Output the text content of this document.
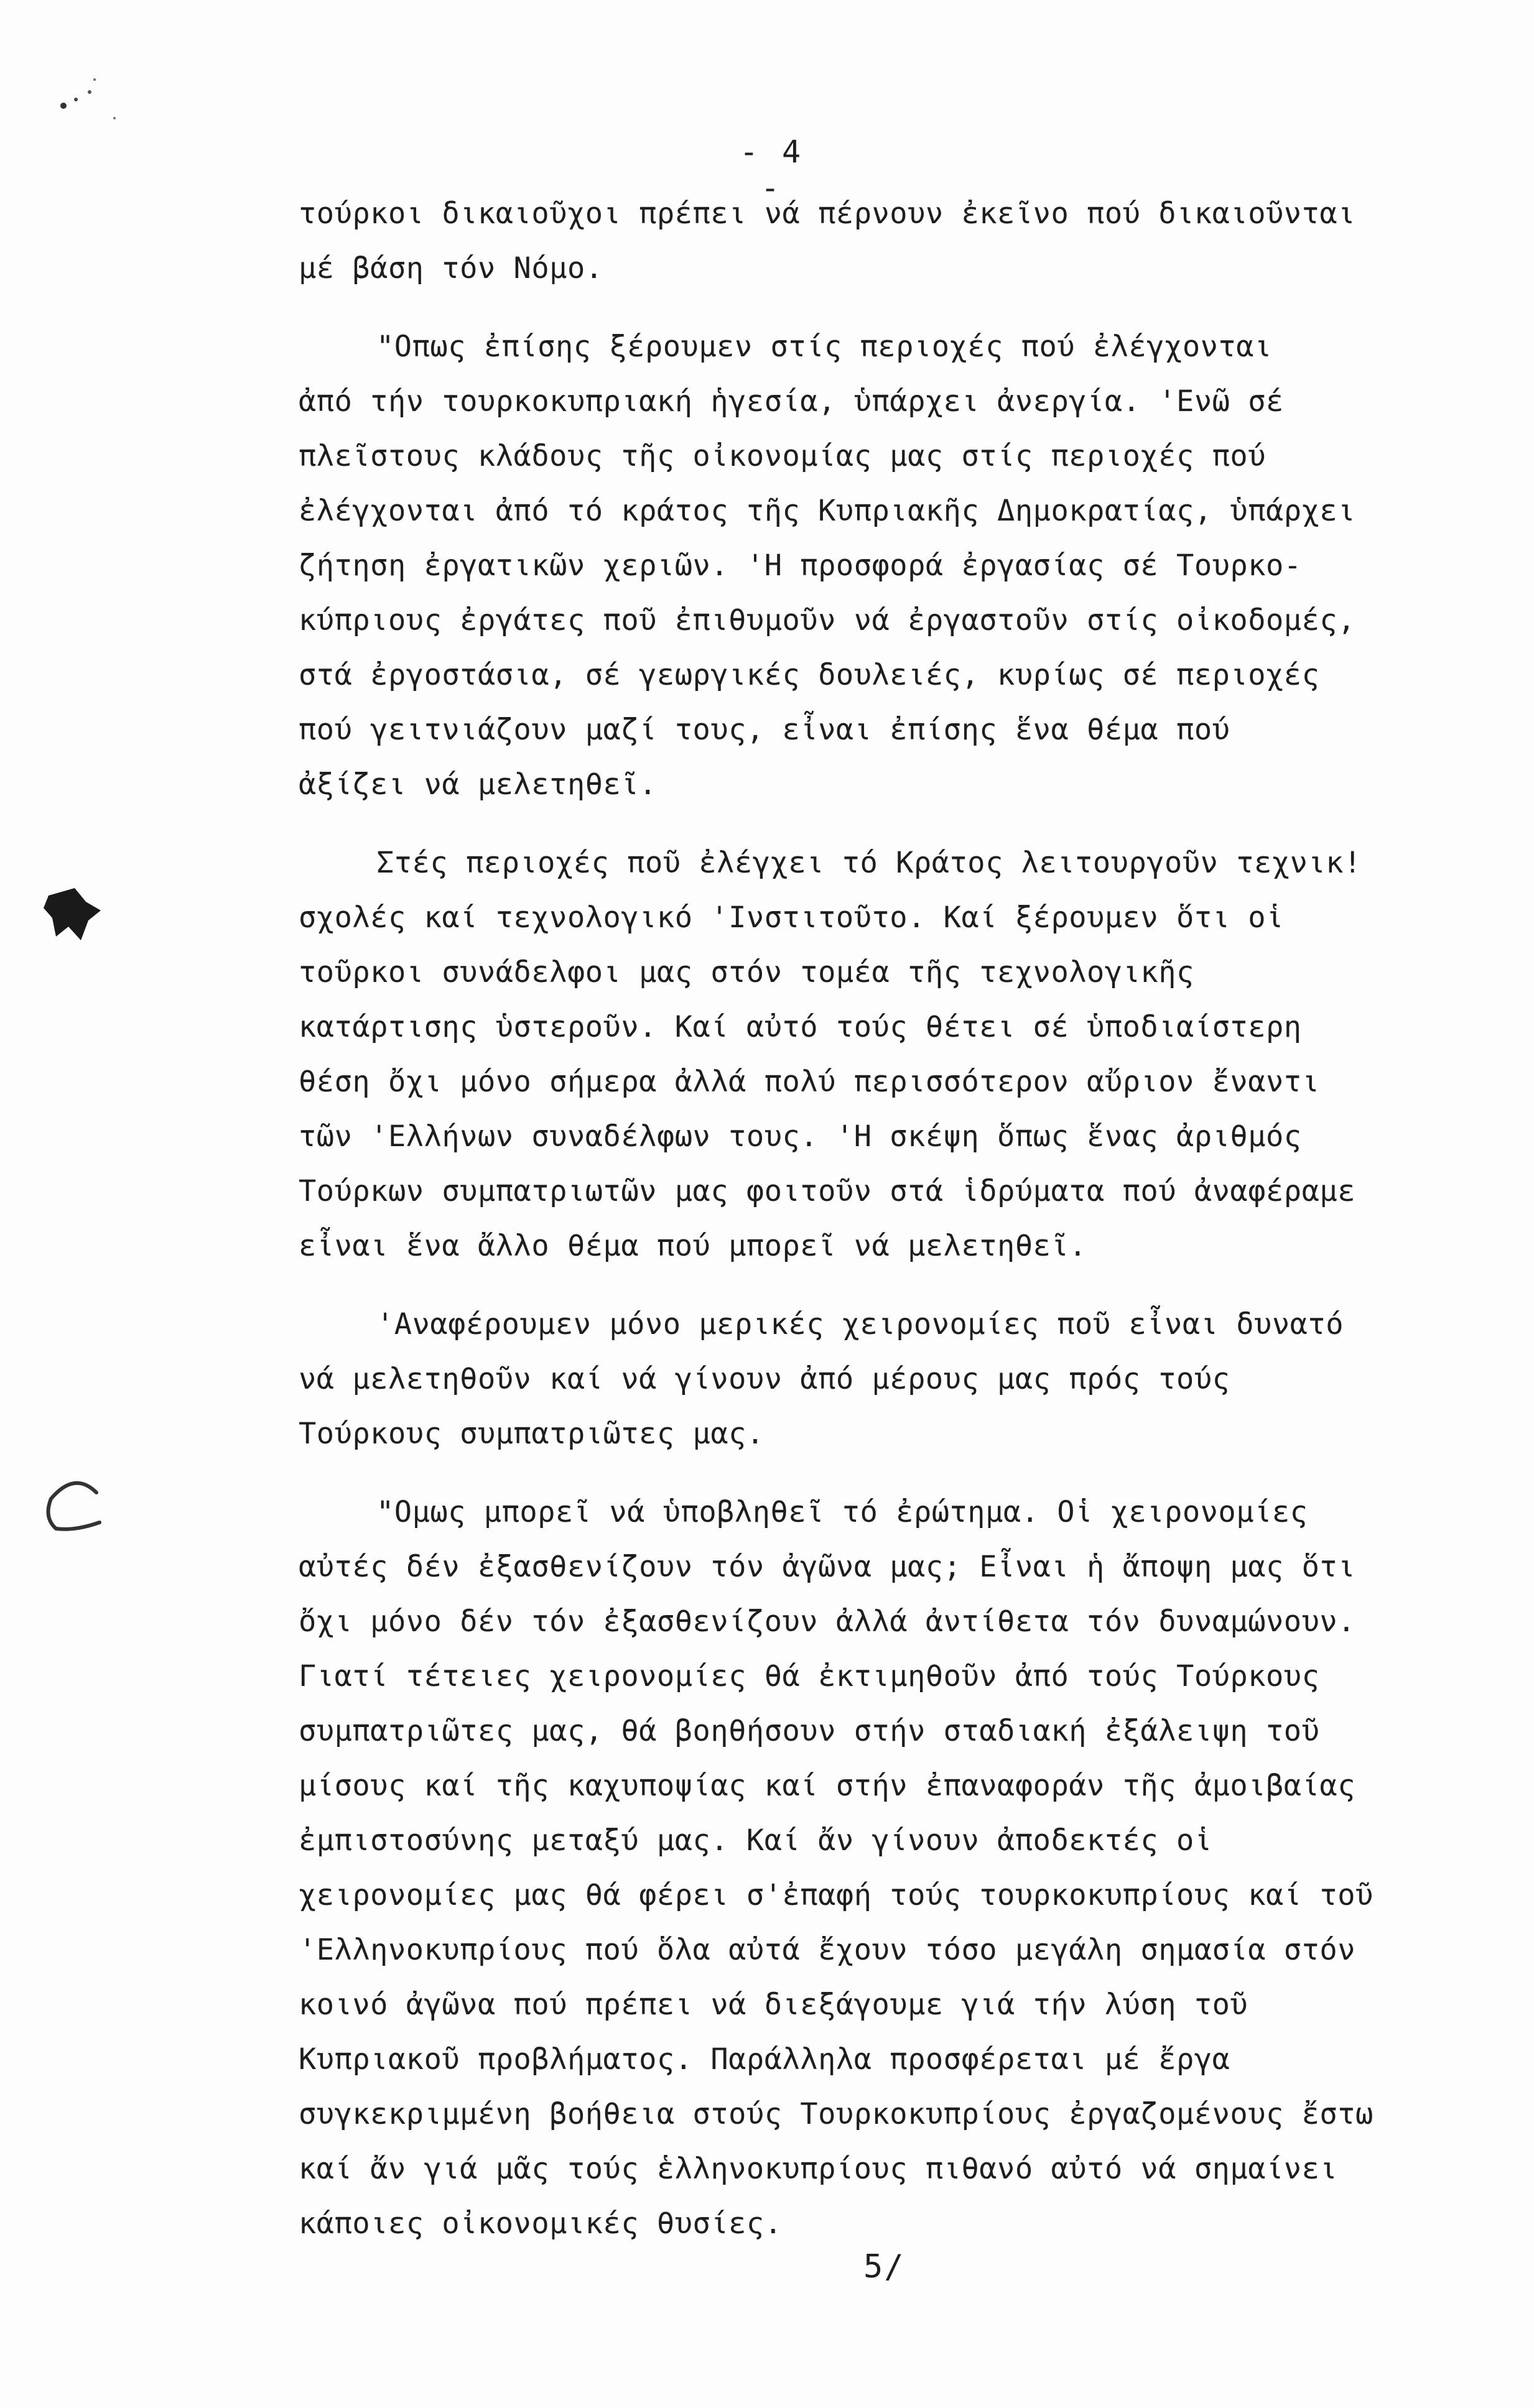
- 4 -
τούρκοι δικαιοῦχοι πρέπει νά πέρνουν ἐκεῖνο πού δικαιοῦνται
μέ βάση τόν Νόμο.
"Οπως ἐπίσης ξέρουμεν στίς περιοχές πού ἐλέγχονται
ἀπό τήν τουρκοκυπριακή ἡγεσία, ὑπάρχει ἀνεργία. 'Ενῶ σέ
πλεῖστους κλάδους τῆς οἰκονομίας μας στίς περιοχές πού
ἐλέγχονται ἀπό τό κράτος τῆς Κυπριακῆς Δημοκρατίας, ὑπάρχει
ζήτηση ἐργατικῶν χεριῶν. 'Η προσφορά ἐργασίας σέ Τουρκο-
κύπριους ἐργάτες ποῦ ἐπιθυμοῦν νά ἐργαστοῦν στίς οἰκοδομές,
στά ἐργοστάσια, σέ γεωργικές δουλειές, κυρίως σέ περιοχές
πού γειτνιάζουν μαζί τους, εἶναι ἐπίσης ἕνα θέμα πού
ἀξίζει νά μελετηθεῖ.
Στές περιοχές ποῦ ἐλέγχει τό Κράτος λειτουργοῦν τεχνικ!
σχολές καί τεχνολογικό 'Ινστιτοῦτο. Καί ξέρουμεν ὅτι οἱ
τοῦρκοι συνάδελφοι μας στόν τομέα τῆς τεχνολογικῆς
κατάρτισης ὑστεροῦν. Καί αὐτό τούς θέτει σέ ὑποδιαίστερη
θέση ὄχι μόνο σήμερα ἀλλά πολύ περισσότερον αὔριον ἔναντι
τῶν 'Ελλήνων συναδέλφων τους. 'Η σκέψη ὅπως ἕνας ἀριθμός
Τούρκων συμπατριωτῶν μας φοιτοῦν στά ἱδρύματα πού ἀναφέραμε
εἶναι ἕνα ἄλλο θέμα πού μπορεῖ νά μελετηθεῖ.
'Αναφέρουμεν μόνο μερικές χειρονομίες ποῦ εἶναι δυνατό
νά μελετηθοῦν καί νά γίνουν ἀπό μέρους μας πρός τούς
Τούρκους συμπατριῶτες μας.
"Ομως μπορεῖ νά ὑποβληθεῖ τό ἐρώτημα. Οἱ χειρονομίες
αὐτές δέν ἐξασθενίζουν τόν ἀγῶνα μας; Εἶναι ἡ ἄποψη μας ὅτι
ὄχι μόνο δέν τόν ἐξασθενίζουν ἀλλά ἀντίθετα τόν δυναμώνουν.
Γιατί τέτειες χειρονομίες θά ἐκτιμηθοῦν ἀπό τούς Τούρκους
συμπατριῶτες μας, θά βοηθήσουν στήν σταδιακή ἐξάλειψη τοῦ
μίσους καί τῆς καχυποψίας καί στήν ἐπαναφοράν τῆς ἀμοιβαίας
ἐμπιστοσύνης μεταξύ μας. Καί ἄν γίνουν ἀποδεκτές οἱ
χειρονομίες μας θά φέρει σ'ἐπαφή τούς τουρκοκυπρίους καί τοῦ
'Ελληνοκυπρίους πού ὅλα αὐτά ἔχουν τόσο μεγάλη σημασία στόν
κοινό ἀγῶνα πού πρέπει νά διεξάγουμε γιά τήν λύση τοῦ
Κυπριακοῦ προβλήματος. Παράλληλα προσφέρεται μέ ἔργα
συγκεκριμμένη βοήθεια στούς Τουρκοκυπρίους ἐργαζομένους ἔστω
καί ἄν γιά μᾶς τούς ἑλληνοκυπρίους πιθανό αὐτό νά σημαίνει
κάποιες οἰκονομικές θυσίες.
5/
